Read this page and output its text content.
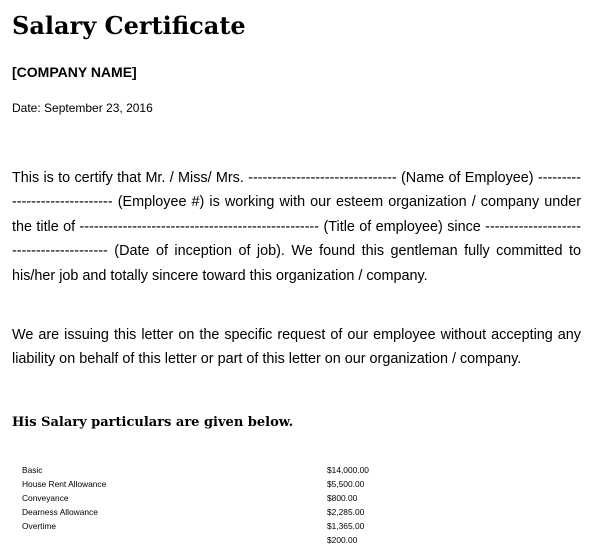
Salary Certificate
[COMPANY NAME]
Date: September 23, 2016

This is to certify that Mr. / Miss/ Mrs. ------------------------------- (Name of Employee) ------------------------------ (Employee #) is working with our esteem organization / company under the title of -------------------------------------------------- (Title of employee) since ---------------------------------------- (Date of inception of job). We found this gentleman fully committed to his/her job and totally sincere toward this organization / company.

We are issuing this letter on the specific request of our employee without accepting any liability on behalf of this letter or part of this letter on our organization / company.

His Salary particulars are given below.
Basic	$14,000.00
House Rent Allowance	$5,500.00
Conveyance	$800.00
Dearness Allowance	$2,285.00
Overtime	$1,365.00
	$200.00
